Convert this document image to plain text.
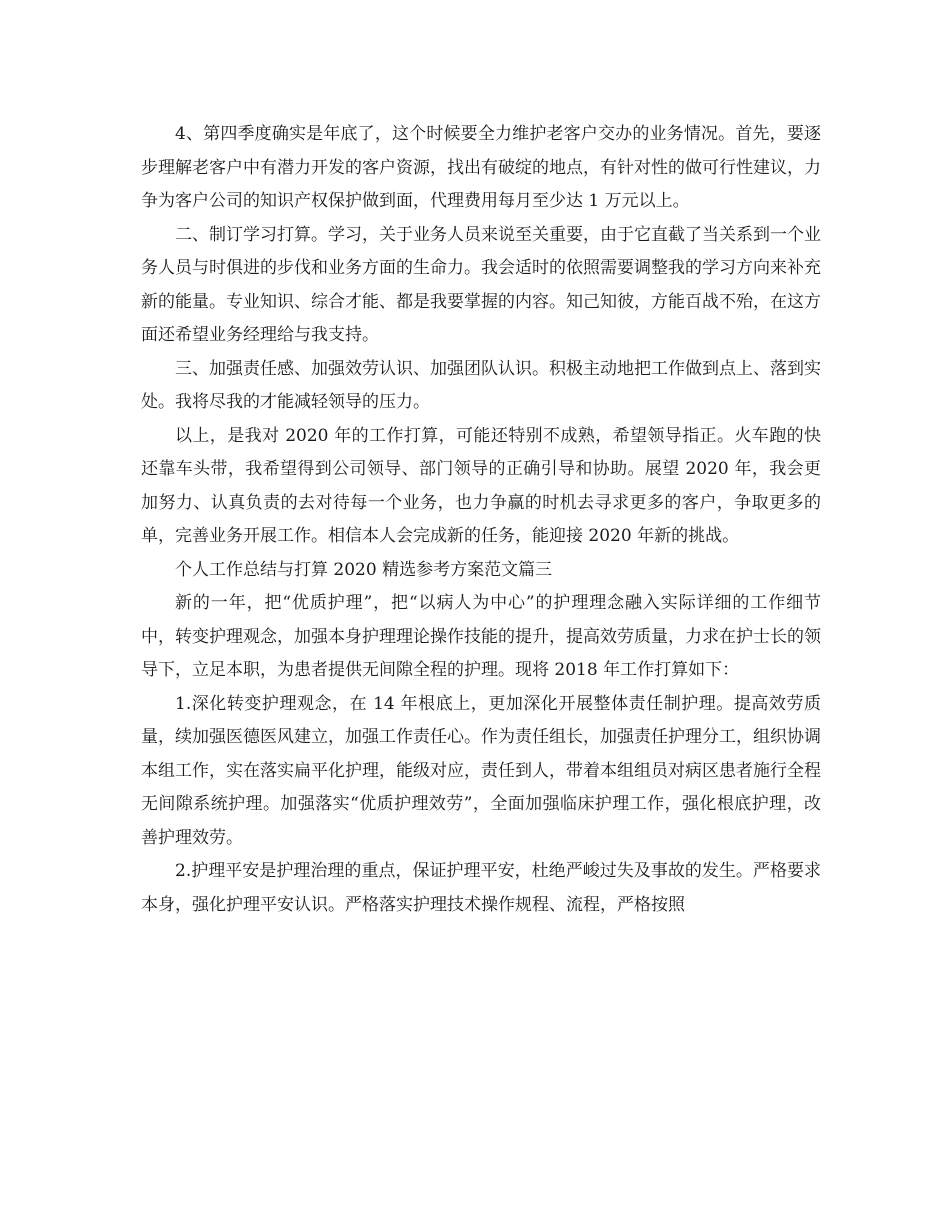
4、第四季度确实是年底了，这个时候要全力维护老客户交办的业务情况。首先，要逐步理解老客户中有潜力开发的客户资源，找出有破绽的地点，有针对性的做可行性建议，力争为客户公司的知识产权保护做到面，代理费用每月至少达 1 万元以上。

二、制订学习打算。学习，关于业务人员来说至关重要，由于它直截了当关系到一个业务人员与时俱进的步伐和业务方面的生命力。我会适时的依照需要调整我的学习方向来补充新的能量。专业知识、综合才能、都是我要掌握的内容。知己知彼，方能百战不殆，在这方面还希望业务经理给与我支持。

三、加强责任感、加强效劳认识、加强团队认识。积极主动地把工作做到点上、落到实处。我将尽我的才能减轻领导的压力。

以上，是我对 2020 年的工作打算，可能还特别不成熟，希望领导指正。火车跑的快还靠车头带，我希望得到公司领导、部门领导的正确引导和协助。展望 2020 年，我会更加努力、认真负责的去对待每一个业务，也力争赢的时机去寻求更多的客户，争取更多的单，完善业务开展工作。相信本人会完成新的任务，能迎接 2020 年新的挑战。

个人工作总结与打算 2020 精选参考方案范文篇三

新的一年，把“优质护理”，把“以病人为中心”的护理理念融入实际详细的工作细节中，转变护理观念，加强本身护理理论操作技能的提升，提高效劳质量，力求在护士长的领导下，立足本职，为患者提供无间隙全程的护理。现将 2018 年工作打算如下：

1.深化转变护理观念，在 14 年根底上，更加深化开展整体责任制护理。提高效劳质量，续加强医德医风建立，加强工作责任心。作为责任组长，加强责任护理分工，组织协调本组工作，实在落实扁平化护理，能级对应，责任到人，带着本组组员对病区患者施行全程无间隙系统护理。加强落实“优质护理效劳”，全面加强临床护理工作，强化根底护理，改善护理效劳。

2.护理平安是护理治理的重点，保证护理平安，杜绝严峻过失及事故的发生。严格要求本身，强化护理平安认识。严格落实护理技术操作规程、流程，严格按照
